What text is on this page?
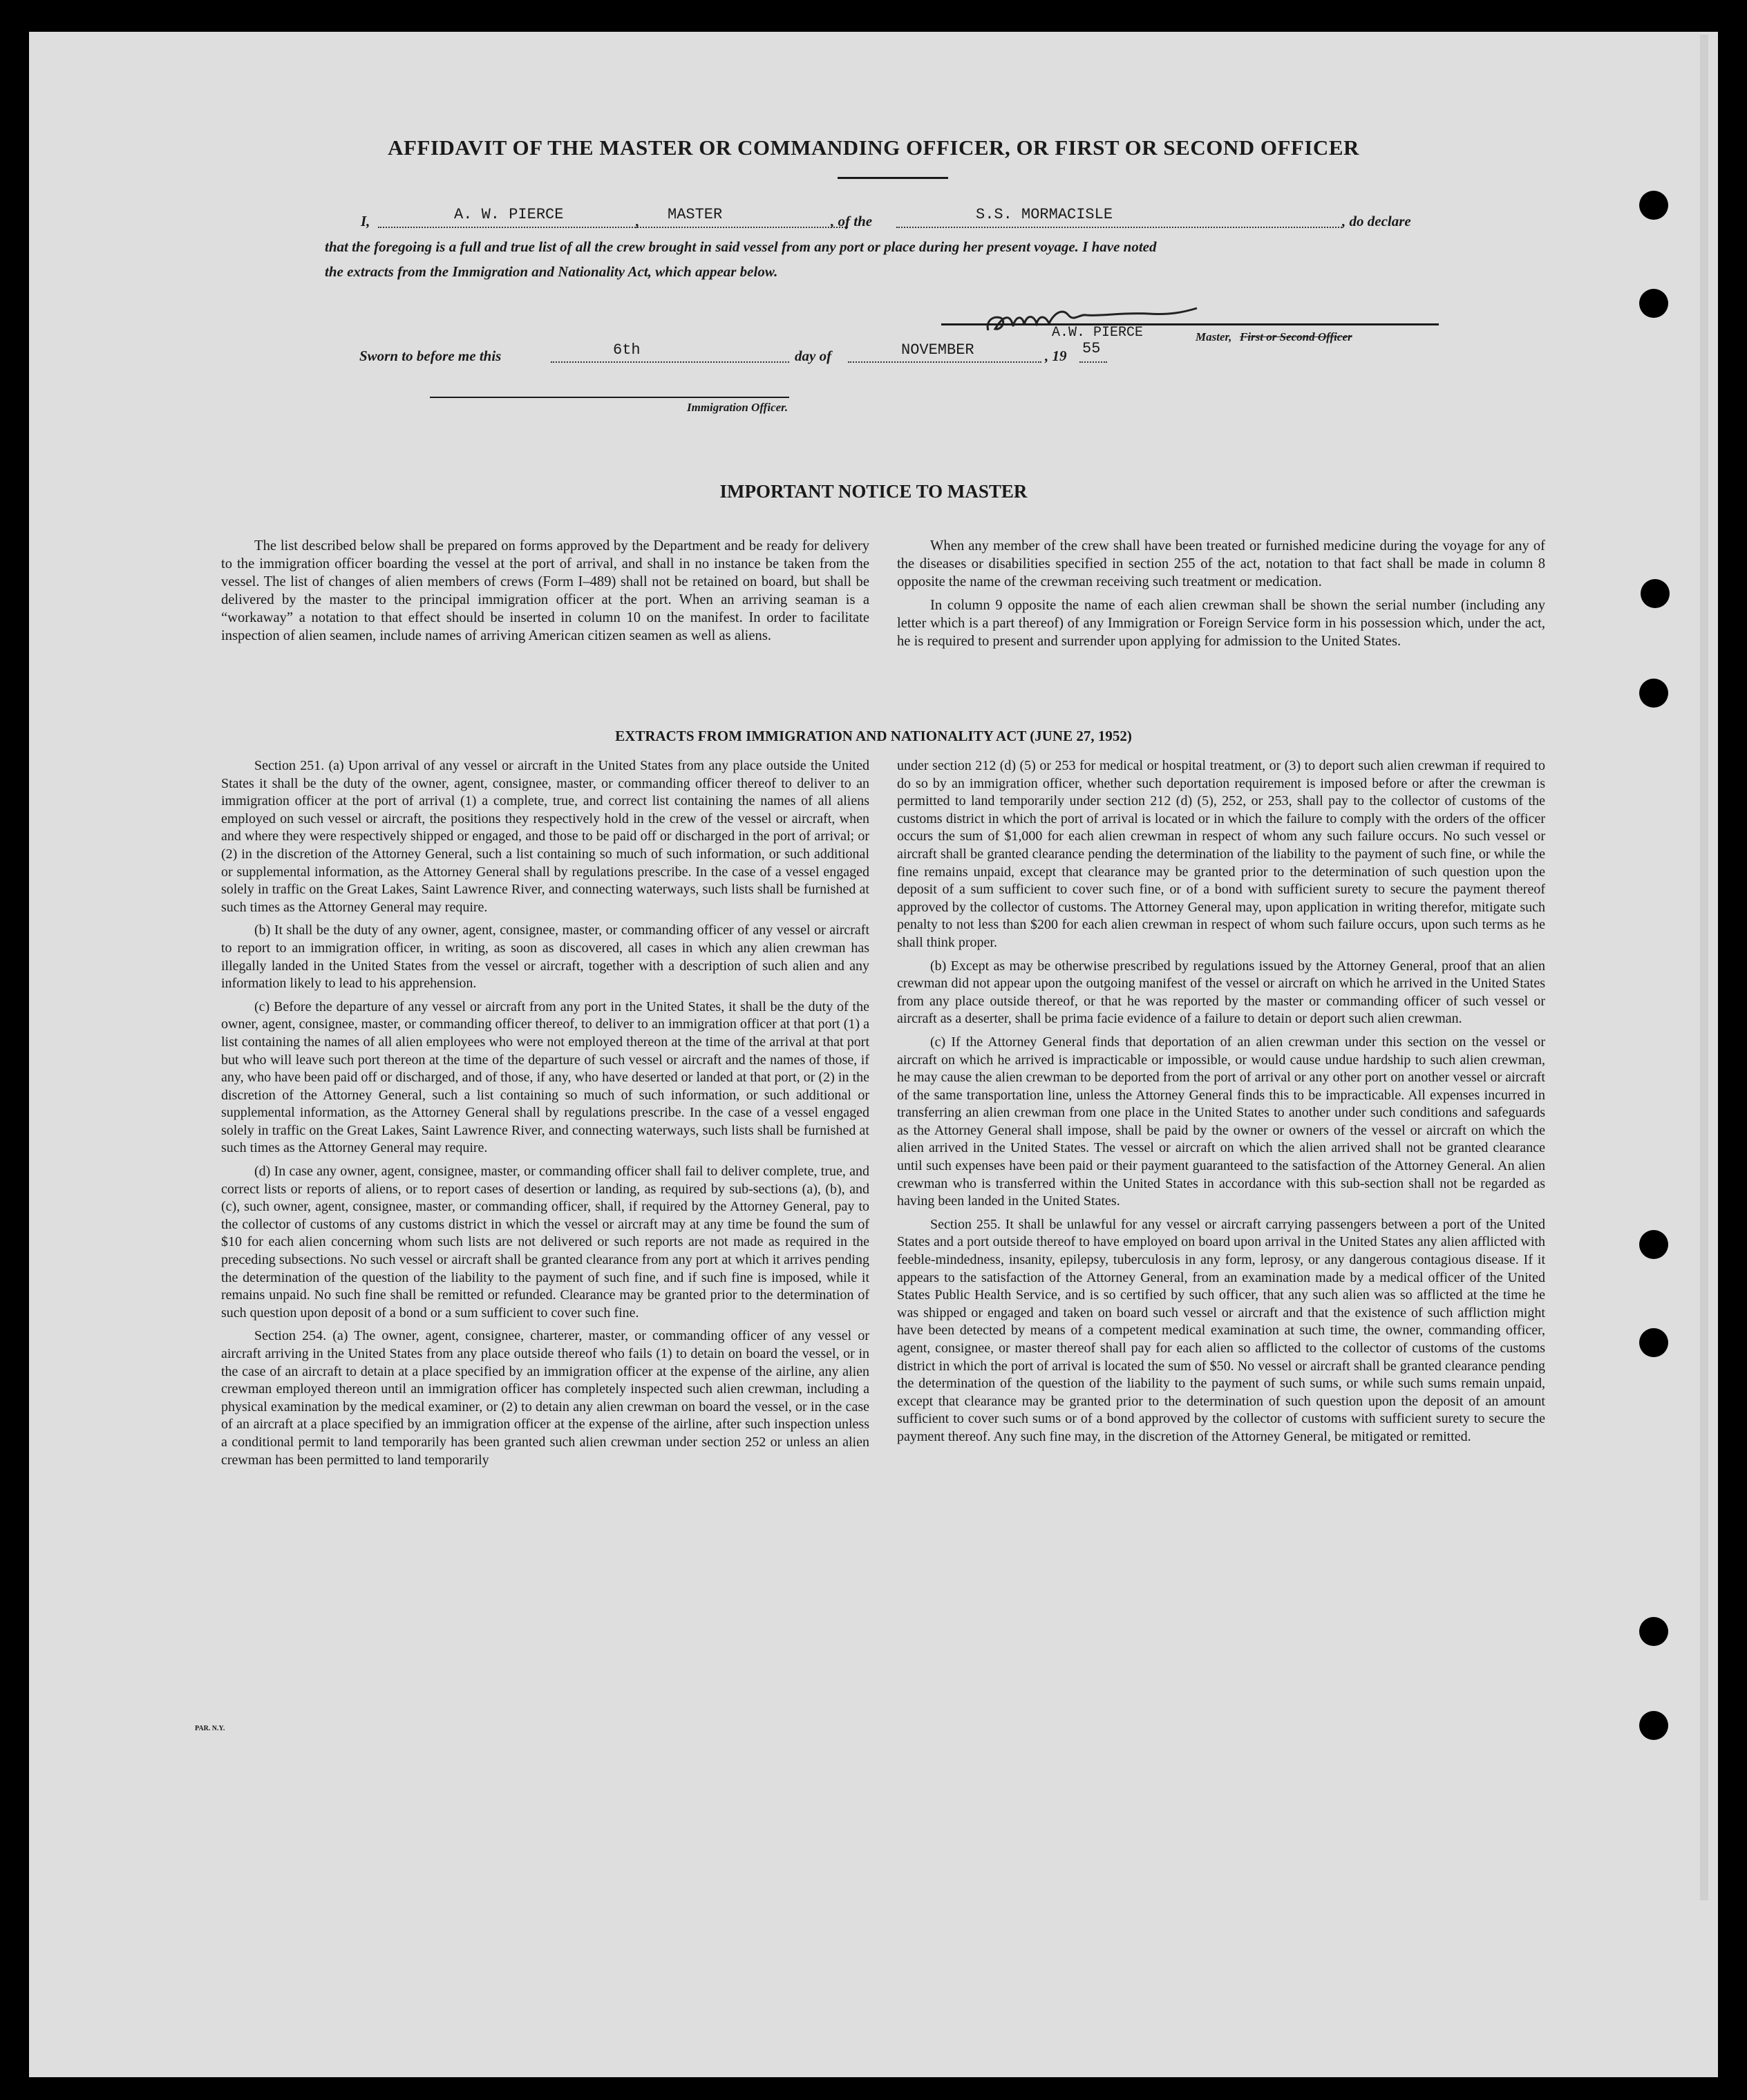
AFFIDAVIT OF THE MASTER OR COMMANDING OFFICER, OR FIRST OR SECOND OFFICER
I,	A. W. PIERCE	, MASTER	, of the	S.S. MORMACISLE	, do declare
that the foregoing is a full and true list of all the crew brought in said vessel from any port or place during her present voyage. I have noted
the extracts from the Immigration and Nationality Act, which appear below.
A.W. PIERCE	Master, First or Second Officer
Sworn to before me this	6th	day of	NOVEMBER	, 19 55
Immigration Officer.
IMPORTANT NOTICE TO MASTER

The list described below shall be prepared on forms approved by the Department and be ready for delivery to the immigration officer boarding the vessel at the port of arrival, and shall in no instance be taken from the vessel. The list of changes of alien members of crews (Form I–489) shall not be retained on board, but shall be delivered by the master to the principal immigration officer at the port. When an arriving seaman is a “workaway” a notation to that effect should be inserted in column 10 on the manifest. In order to facilitate inspection of alien seamen, include names of arriving American citizen seamen as well as aliens.

When any member of the crew shall have been treated or furnished medicine during the voyage for any of the diseases or disabilities specified in section 255 of the act, notation to that fact shall be made in column 8 opposite the name of the crewman receiving such treatment or medication.

In column 9 opposite the name of each alien crewman shall be shown the serial number (including any letter which is a part thereof) of any Immigration or Foreign Service form in his possession which, under the act, he is required to present and surrender upon applying for admission to the United States.

EXTRACTS FROM IMMIGRATION AND NATIONALITY ACT (JUNE 27, 1952)

Section 251. (a) Upon arrival of any vessel or aircraft in the United States from any place outside the United States it shall be the duty of the owner, agent, consignee, master, or commanding officer thereof to deliver to an immigration officer at the port of arrival (1) a complete, true, and correct list containing the names of all aliens employed on such vessel or aircraft, the positions they respectively hold in the crew of the vessel or aircraft, when and where they were respectively shipped or engaged, and those to be paid off or discharged in the port of arrival; or (2) in the discretion of the Attorney General, such a list containing so much of such information, or such additional or supplemental information, as the Attorney General shall by regulations prescribe. In the case of a vessel engaged solely in traffic on the Great Lakes, Saint Lawrence River, and connecting waterways, such lists shall be furnished at such times as the Attorney General may require.

(b) It shall be the duty of any owner, agent, consignee, master, or commanding officer of any vessel or aircraft to report to an immigration officer, in writing, as soon as discovered, all cases in which any alien crewman has illegally landed in the United States from the vessel or aircraft, together with a description of such alien and any information likely to lead to his apprehension.

(c) Before the departure of any vessel or aircraft from any port in the United States, it shall be the duty of the owner, agent, consignee, master, or commanding officer thereof, to deliver to an immigration officer at that port (1) a list containing the names of all alien employees who were not employed thereon at the time of the arrival at that port but who will leave such port thereon at the time of the departure of such vessel or aircraft and the names of those, if any, who have been paid off or discharged, and of those, if any, who have deserted or landed at that port, or (2) in the discretion of the Attorney General, such a list containing so much of such information, or such additional or supplemental information, as the Attorney General shall by regulations prescribe. In the case of a vessel engaged solely in traffic on the Great Lakes, Saint Lawrence River, and connecting waterways, such lists shall be furnished at such times as the Attorney General may require.

(d) In case any owner, agent, consignee, master, or commanding officer shall fail to deliver complete, true, and correct lists or reports of aliens, or to report cases of desertion or landing, as required by sub-sections (a), (b), and (c), such owner, agent, consignee, master, or commanding officer, shall, if required by the Attorney General, pay to the collector of customs of any customs district in which the vessel or aircraft may at any time be found the sum of $10 for each alien concerning whom such lists are not delivered or such reports are not made as required in the preceding subsections. No such vessel or aircraft shall be granted clearance from any port at which it arrives pending the determination of the question of the liability to the payment of such fine, and if such fine is imposed, while it remains unpaid. No such fine shall be remitted or refunded. Clearance may be granted prior to the determination of such question upon deposit of a bond or a sum sufficient to cover such fine.

Section 254. (a) The owner, agent, consignee, charterer, master, or commanding officer of any vessel or aircraft arriving in the United States from any place outside thereof who fails (1) to detain on board the vessel, or in the case of an aircraft to detain at a place specified by an immigration officer at the expense of the airline, any alien crewman employed thereon until an immigration officer has completely inspected such alien crewman, including a physical examination by the medical examiner, or (2) to detain any alien crewman on board the vessel, or in the case of an aircraft at a place specified by an immigration officer at the expense of the airline, after such inspection unless a conditional permit to land temporarily has been granted such alien crewman under section 252 or unless an alien crewman has been permitted to land temporarily

under section 212 (d) (5) or 253 for medical or hospital treatment, or (3) to deport such alien crewman if required to do so by an immigration officer, whether such deportation requirement is imposed before or after the crewman is permitted to land temporarily under section 212 (d) (5), 252, or 253, shall pay to the collector of customs of the customs district in which the port of arrival is located or in which the failure to comply with the orders of the officer occurs the sum of $1,000 for each alien crewman in respect of whom any such failure occurs. No such vessel or aircraft shall be granted clearance pending the determination of the liability to the payment of such fine, or while the fine remains unpaid, except that clearance may be granted prior to the determination of such question upon the deposit of a sum sufficient to cover such fine, or of a bond with sufficient surety to secure the payment thereof approved by the collector of customs. The Attorney General may, upon application in writing therefor, mitigate such penalty to not less than $200 for each alien crewman in respect of whom such failure occurs, upon such terms as he shall think proper.

(b) Except as may be otherwise prescribed by regulations issued by the Attorney General, proof that an alien crewman did not appear upon the outgoing manifest of the vessel or aircraft on which he arrived in the United States from any place outside thereof, or that he was reported by the master or commanding officer of such vessel or aircraft as a deserter, shall be prima facie evidence of a failure to detain or deport such alien crewman.

(c) If the Attorney General finds that deportation of an alien crewman under this section on the vessel or aircraft on which he arrived is impracticable or impossible, or would cause undue hardship to such alien crewman, he may cause the alien crewman to be deported from the port of arrival or any other port on another vessel or aircraft of the same transportation line, unless the Attorney General finds this to be impracticable. All expenses incurred in transferring an alien crewman from one place in the United States to another under such conditions and safeguards as the Attorney General shall impose, shall be paid by the owner or owners of the vessel or aircraft on which the alien arrived in the United States. The vessel or aircraft on which the alien arrived shall not be granted clearance until such expenses have been paid or their payment guaranteed to the satisfaction of the Attorney General. An alien crewman who is transferred within the United States in accordance with this sub-section shall not be regarded as having been landed in the United States.

Section 255. It shall be unlawful for any vessel or aircraft carrying passengers between a port of the United States and a port outside thereof to have employed on board upon arrival in the United States any alien afflicted with feeble-mindedness, insanity, epilepsy, tuberculosis in any form, leprosy, or any dangerous contagious disease. If it appears to the satisfaction of the Attorney General, from an examination made by a medical officer of the United States Public Health Service, and is so certified by such officer, that any such alien was so afflicted at the time he was shipped or engaged and taken on board such vessel or aircraft and that the existence of such affliction might have been detected by means of a competent medical examination at such time, the owner, commanding officer, agent, consignee, or master thereof shall pay for each alien so afflicted to the collector of customs of the customs district in which the port of arrival is located the sum of $50. No vessel or aircraft shall be granted clearance pending the determination of the question of the liability to the payment of such sums, or while such sums remain unpaid, except that clearance may be granted prior to the determination of such question upon the deposit of an amount sufficient to cover such sums or of a bond approved by the collector of customs with sufficient surety to secure the payment thereof. Any such fine may, in the discretion of the Attorney General, be mitigated or remitted.

PAR. N.Y.
